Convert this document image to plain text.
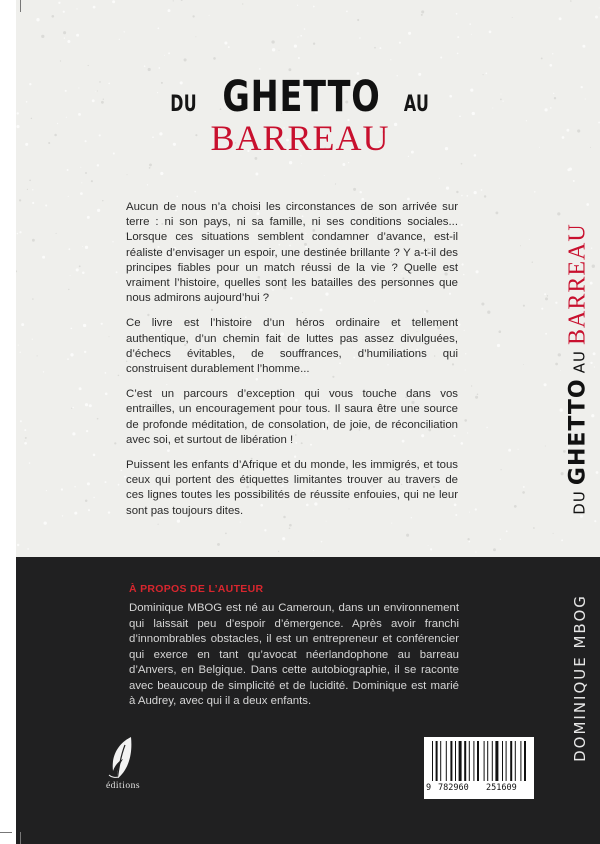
DU GHETTO AU
BARREAU

Aucun de nous n’a choisi les circonstances de son arrivée sur terre : ni son pays, ni sa famille, ni ses conditions sociales... Lorsque ces situations semblent condamner d’avance, est-il réaliste d’envisager un espoir, une destinée brillante ? Y a-t-il des principes fiables pour un match réussi de la vie ? Quelle est vraiment l’histoire, quelles sont les batailles des personnes que nous admirons aujourd’hui ?

Ce livre est l’histoire d’un héros ordinaire et tellement authentique, d’un chemin fait de luttes pas assez divulguées, d’échecs évitables, de souffrances, d’humiliations qui construisent durablement l’homme...

C’est un parcours d’exception qui vous touche dans vos entrailles, un encouragement pour tous. Il saura être une source de profonde méditation, de consolation, de joie, de réconciliation avec soi, et surtout de libération !

Puissent les enfants d’Afrique et du monde, les immigrés, et tous ceux qui portent des étiquettes limitantes trouver au travers de ces lignes toutes les possibilités de réussite enfouies, qui ne leur sont pas toujours dites.	DU GHETTO AU BARREAU
DOMINIQUE MBOG
À PROPOS DE L’AUTEUR
Dominique MBOG est né au Cameroun, dans un environnement qui laissait peu d’espoir d’émergence. Après avoir franchi d’innombrables obstacles, il est un entrepreneur et conférencier qui exerce en tant qu’avocat néerlandophone au barreau d’Anvers, en Belgique. Dans cette autobiographie, il se raconte avec beaucoup de simplicité et de lucidité. Dominique est marié à Audrey, avec qui il a deux enfants.
éditions	9 782960 251609
